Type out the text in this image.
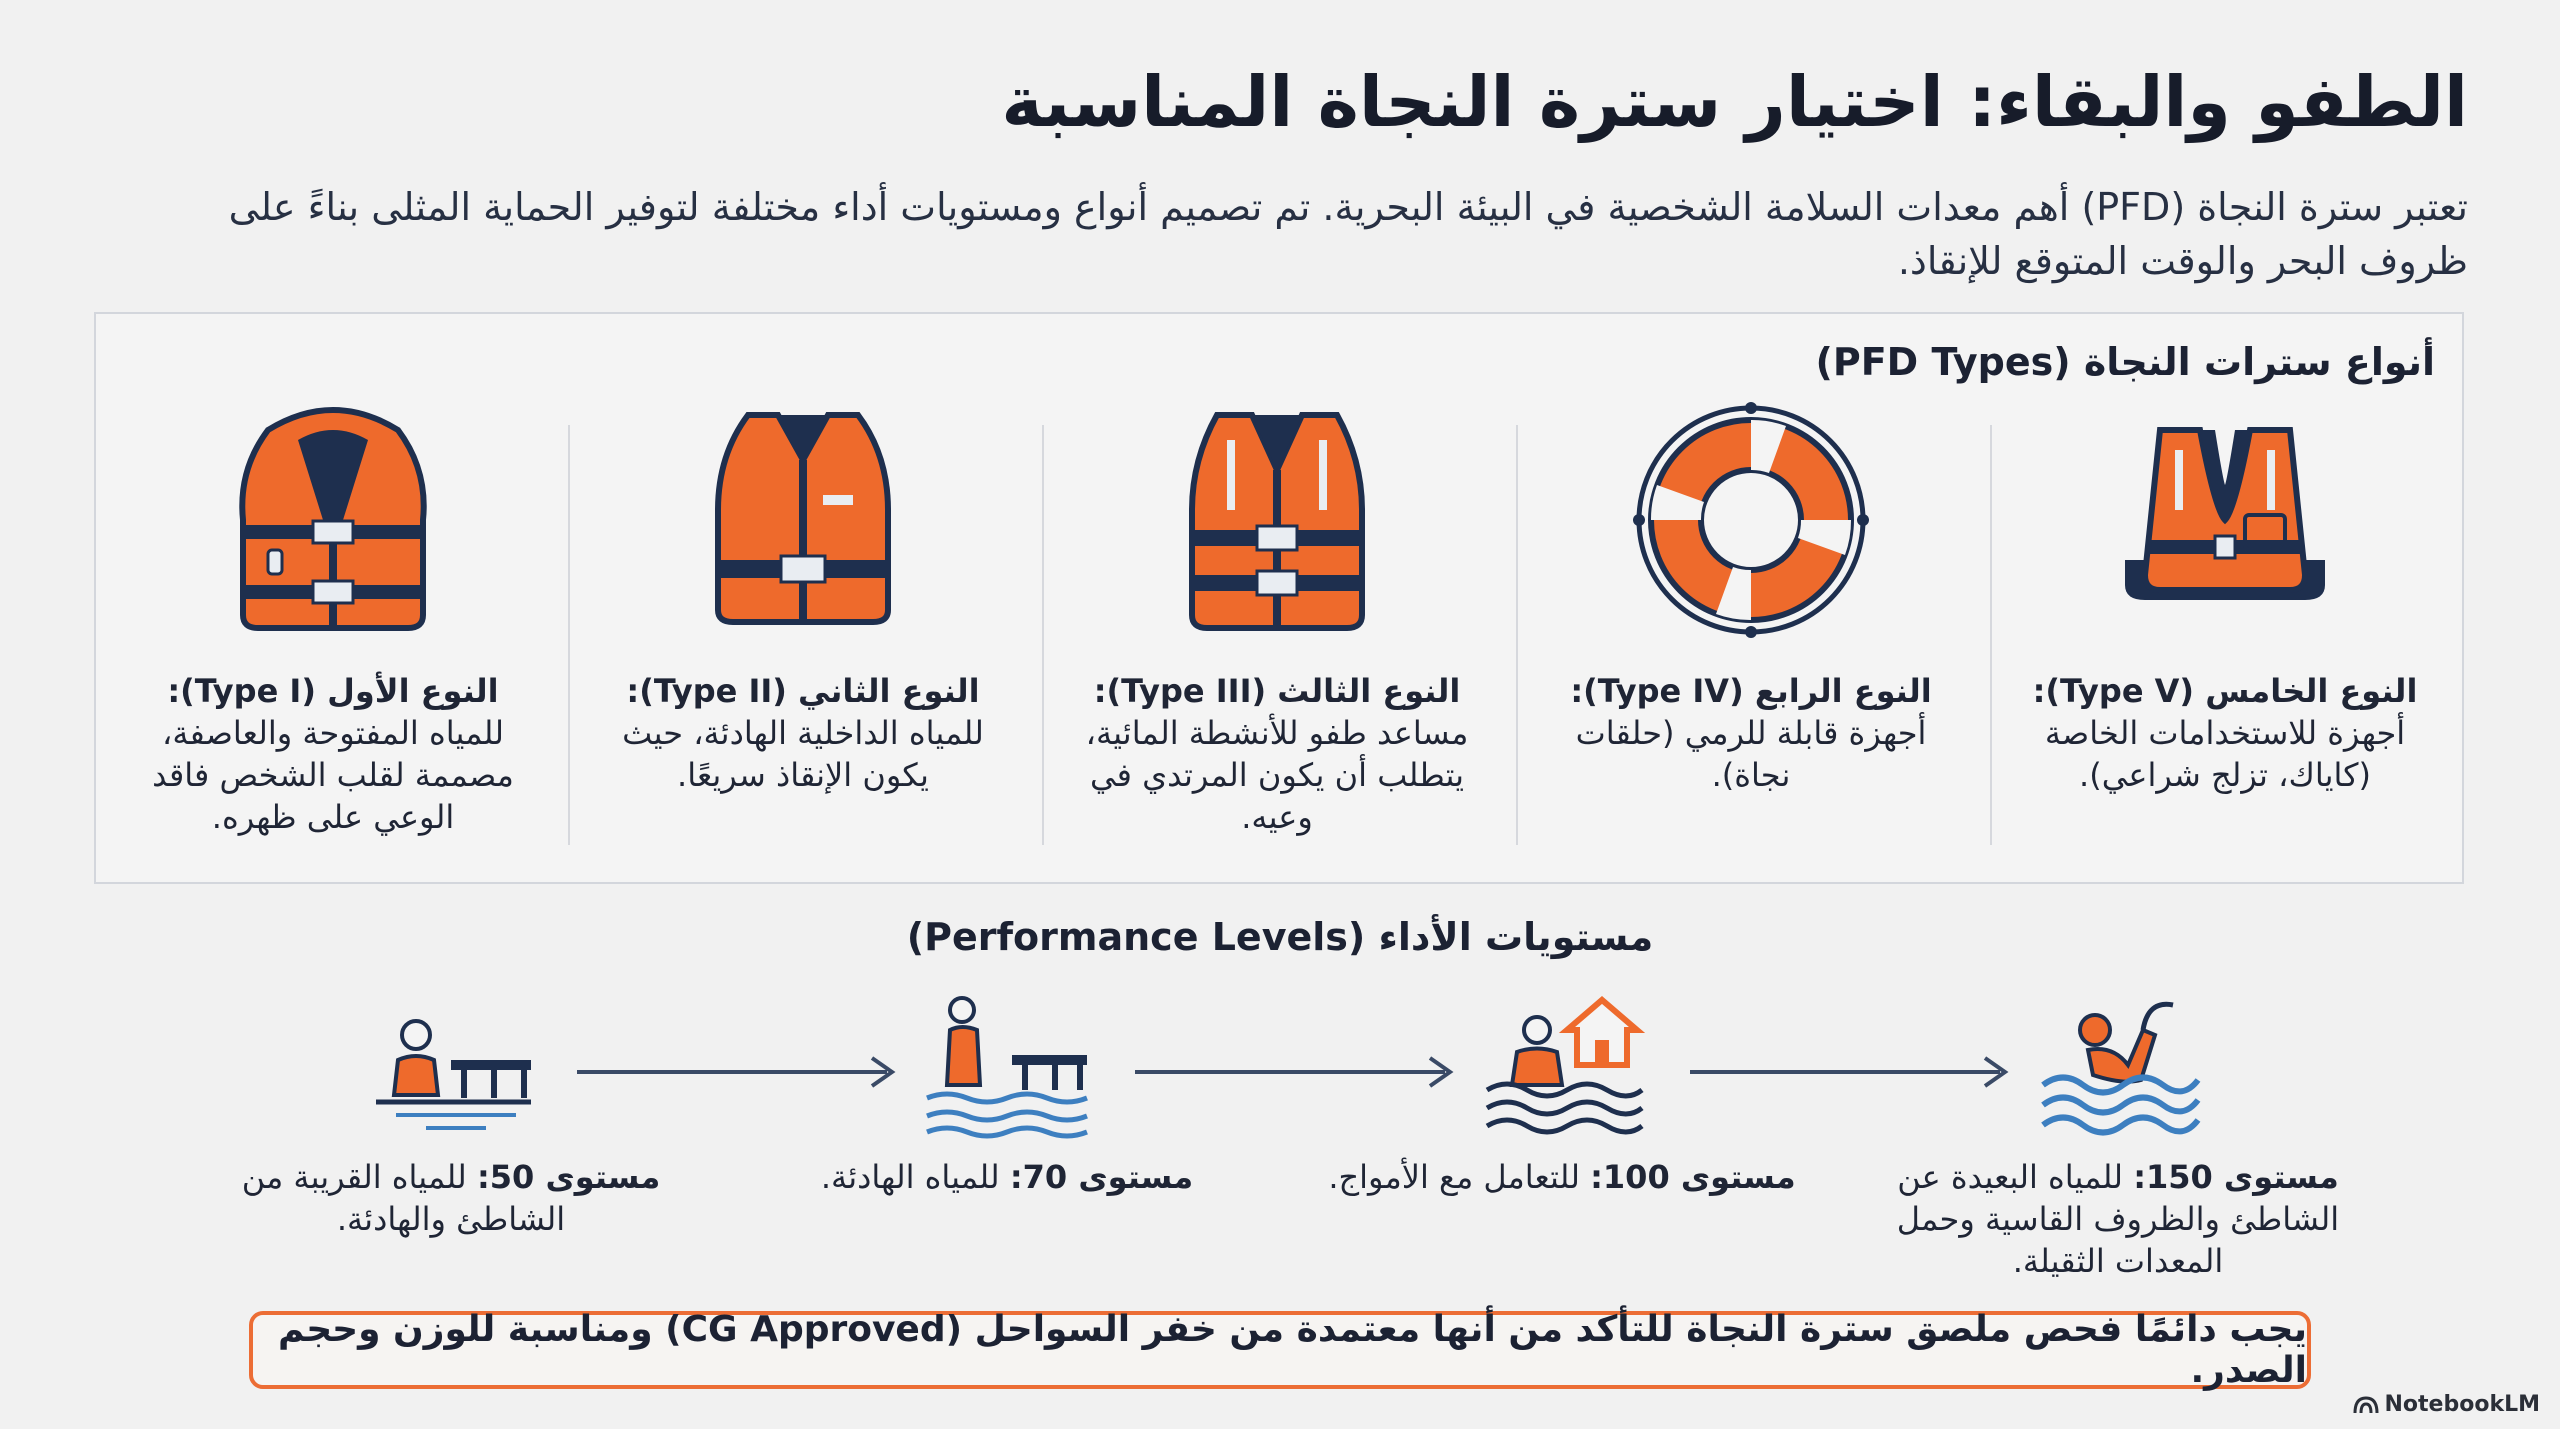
الطفو والبقاء: اختيار سترة النجاة المناسبة
تعتبر سترة النجاة (PFD) أهم معدات السلامة الشخصية في البيئة البحرية. تم تصميم أنواع ومستويات أداء مختلفة لتوفير الحماية المثلى بناءً على ظروف البحر والوقت المتوقع للإنقاذ.
أنواع سترات النجاة (PFD Types)
النوع الخامس (Type V):
أجهزة للاستخدامات الخاصة (كاياك، تزلج شراعي).
النوع الرابع (Type IV):
أجهزة قابلة للرمي (حلقات نجاة).
النوع الثالث (Type III):
مساعد طفو للأنشطة المائية، يتطلب أن يكون المرتدي في وعيه.
النوع الثاني (Type II):
للمياه الداخلية الهادئة، حيث يكون الإنقاذ سريعًا.
النوع الأول (Type I):
للمياه المفتوحة والعاصفة، مصممة لقلب الشخص فاقد الوعي على ظهره.
مستويات الأداء (Performance Levels)
مستوى 150: للمياه البعيدة عن الشاطئ والظروف القاسية وحمل المعدات الثقيلة.
مستوى 100: للتعامل مع الأمواج.
مستوى 70: للمياه الهادئة.
مستوى 50: للمياه القريبة من الشاطئ والهادئة.
يجب دائمًا فحص ملصق سترة النجاة للتأكد من أنها معتمدة من خفر السواحل (CG Approved) ومناسبة للوزن وحجم الصدر.
NotebookLM
